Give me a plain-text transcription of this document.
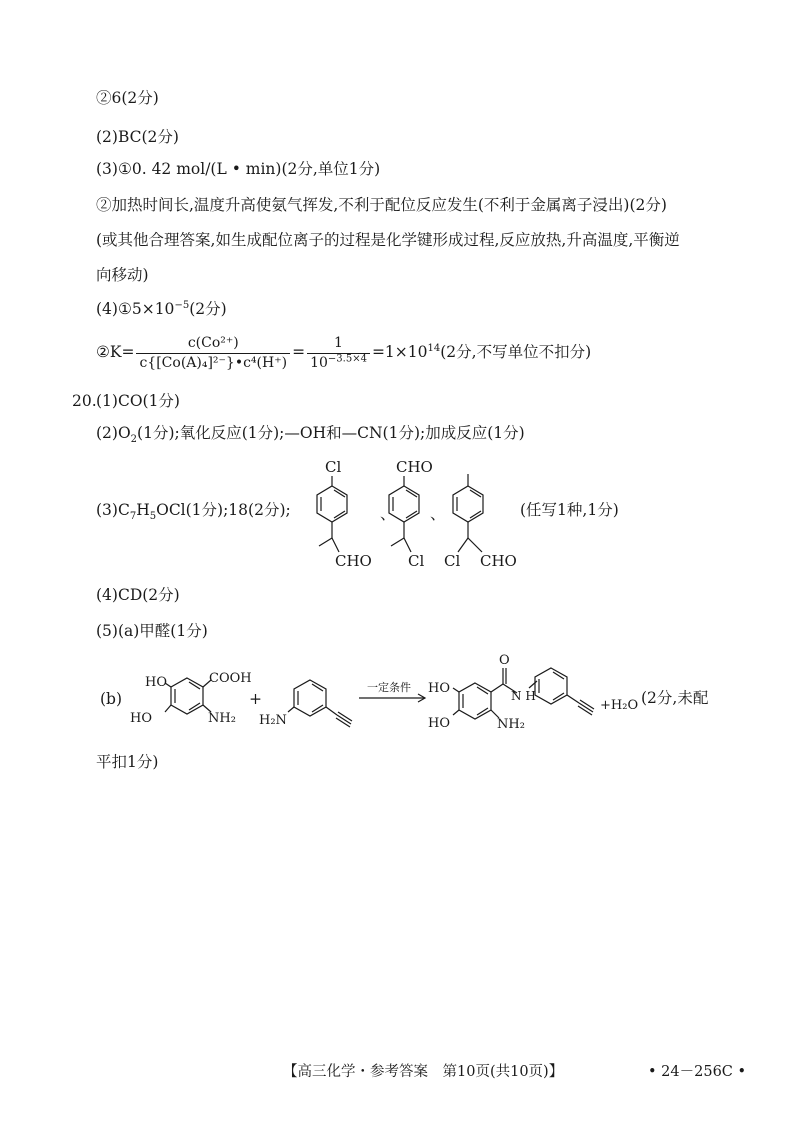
②6(2分)
(2)BC(2分)
(3)①0. 42 mol/(L • min)(2分,单位1分)
②加热时间长,温度升高使氨气挥发,不利于配位反应发生(不利于金属离子浸出)(2分)
(或其他合理答案,如生成配位离子的过程是化学键形成过程,反应放热,升高温度,平衡逆
向移动)
$(4)①5\times 10^{-5}(2$分)
②K= $\frac{\text{c(Co²⁺)}}{\text{c\{[Co(A)₄]²⁻\}•c⁴(H⁺)}} = \frac{1}{10^{-3.5\times 4}} =1\times 10^{14}(2$分,不写单位不扣分)
20. (1)CO(1分)
$(2)O_2(1$分);氧化反应(1分);—OH和—CN(1分);加成反应(1分)
$(3)C_7H_5OCl(1$分);18(2分);
Cl
CHO
、
CHO
Cl
、
Cl CHO
(任写1种,1分)
(4)CD(2分)
(5)(a)甲醛(1分)
(b)
HO
HO
COOH
NH₂
+
H₂N
一定条件 HO
HO
O
N H
NH₂
+H₂O (2分,未配
平扣1分)
【高三化学・参考答案　第10页(共10页)】	• 24－256C •
